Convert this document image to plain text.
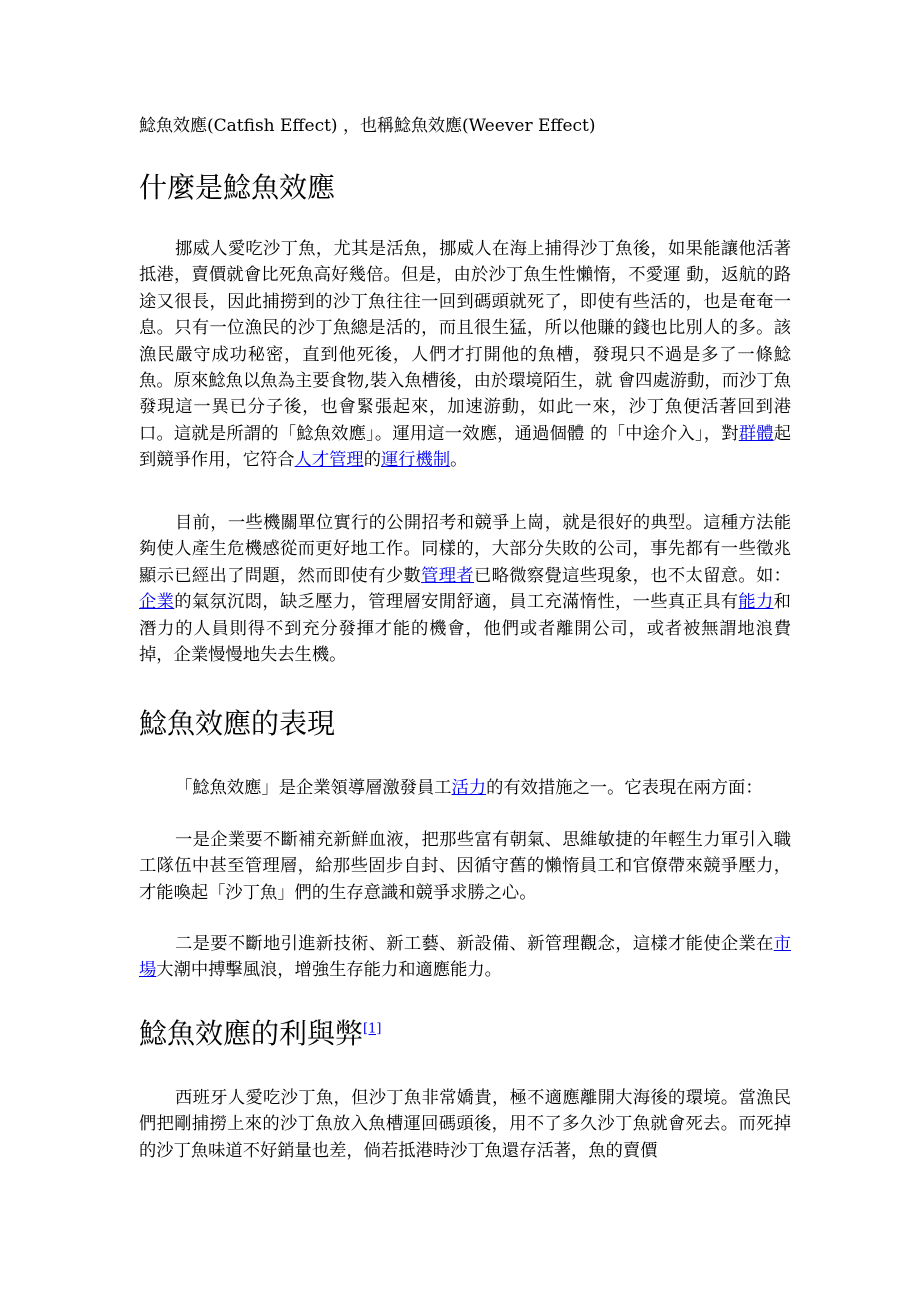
鯰魚效應(Catfish Effect) ，也稱鯰魚效應(Weever Effect)
什麼是鯰魚效應

挪威人愛吃沙丁魚，尤其是活魚，挪威人在海上捕得沙丁魚後，如果能讓他活著抵港，賣價就會比死魚高好幾倍。但是，由於沙丁魚生性懶惰，不愛運 動，返航的路途又很長，因此捕撈到的沙丁魚往往一回到碼頭就死了，即使有些活的，也是奄奄一息。只有一位漁民的沙丁魚總是活的，而且很生猛，所以他賺的錢也比別人的多。該漁民嚴守成功秘密，直到他死後，人們才打開他的魚槽，發現只不過是多了一條鯰魚。原來鯰魚以魚為主要食物,裝入魚槽後，由於環境陌生，就 會四處游動，而沙丁魚發現這一異已分子後，也會緊張起來，加速游動，如此一來，沙丁魚便活著回到港口。這就是所謂的「鯰魚效應」。運用這一效應，通過個體 的「中途介入」，對群體起到競爭作用，它符合人才管理的運行機制。

目前，一些機關單位實行的公開招考和競爭上崗，就是很好的典型。這種方法能夠使人產生危機感從而更好地工作。同樣的，大部分失敗的公司，事先都有一些徵兆顯示已經出了問題，然而即使有少數管理者已略微察覺這些現象，也不太留意。如：企業的氣氛沉悶，缺乏壓力，管理層安閒舒適，員工充滿惰性，一些真正具有能力和潛力的人員則得不到充分發揮才能的機會，他們或者離開公司，或者被無謂地浪費掉，企業慢慢地失去生機。

鯰魚效應的表現

「鯰魚效應」是企業領導層激發員工活力的有效措施之一。它表現在兩方面：

一是企業要不斷補充新鮮血液，把那些富有朝氣、思維敏捷的年輕生力軍引入職工隊伍中甚至管理層，給那些固步自封、因循守舊的懶惰員工和官僚帶來競爭壓力，才能喚起「沙丁魚」們的生存意識和競爭求勝之心。

二是要不斷地引進新技術、新工藝、新設備、新管理觀念，這樣才能使企業在市場大潮中搏擊風浪，增強生存能力和適應能力。

鯰魚效應的利與弊[1]

西班牙人愛吃沙丁魚，但沙丁魚非常嬌貴，極不適應離開大海後的環境。當漁民們把剛捕撈上來的沙丁魚放入魚槽運回碼頭後，用不了多久沙丁魚就會死去。而死掉的沙丁魚味道不好銷量也差，倘若抵港時沙丁魚還存活著，魚的賣價
